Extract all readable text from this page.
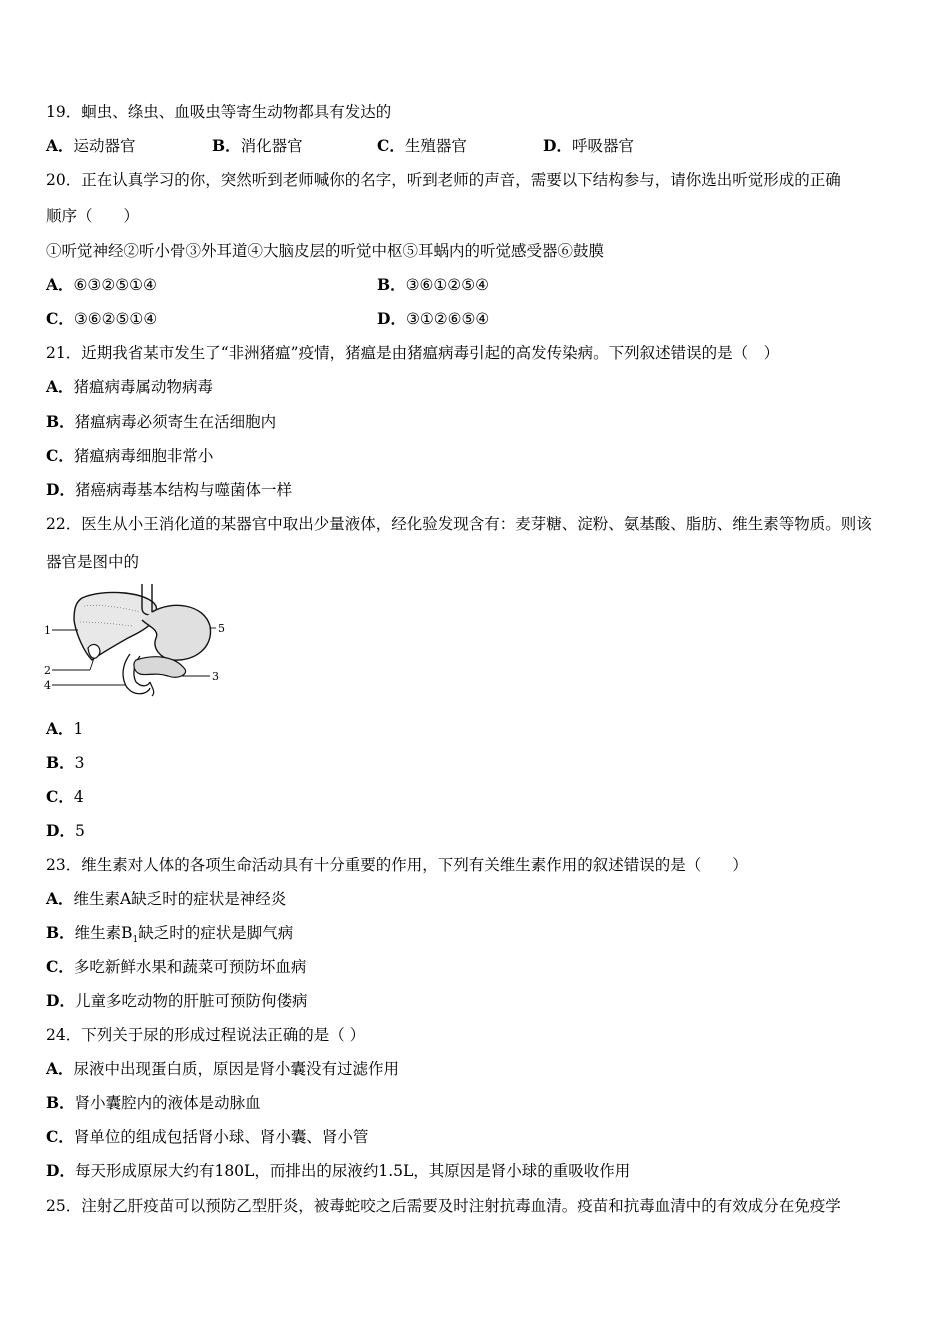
19．蛔虫、绦虫、血吸虫等寄生动物都具有发达的
A．运动器官	B．消化器官	C．生殖器官	D．呼吸器官
20．正在认真学习的你，突然听到老师喊你的名字，听到老师的声音，需要以下结构参与，请你选出听觉形成的正确
顺序（　　）
①听觉神经②听小骨③外耳道④大脑皮层的听觉中枢⑤耳蜗内的听觉感受器⑥鼓膜
A．⑥③②⑤①④	B．③⑥①②⑤④
C．③⑥②⑤①④	D．③①②⑥⑤④
21．近期我省某市发生了“非洲猪瘟”疫情，猪瘟是由猪瘟病毒引起的高发传染病。下列叙述错误的是（　）
A．猪瘟病毒属动物病毒
B．猪瘟病毒必须寄生在活细胞内
C．猪瘟病毒细胞非常小
D．猪癌病毒基本结构与噬菌体一样
22．医生从小王消化道的某器官中取出少量液体，经化验发现含有：麦芽糖、淀粉、氨基酸、脂肪、维生素等物质。则该
器官是图中的
1
2
4
5
3
A．1
B．3
C．4
D．5
23．维生素对人体的各项生命活动具有十分重要的作用，下列有关维生素作用的叙述错误的是（　　）
A．维生素A缺乏时的症状是神经炎
B．维生素$B_1$缺乏时的症状是脚气病
C．多吃新鲜水果和蔬菜可预防坏血病
D．儿童多吃动物的肝脏可预防佝偻病
24．下列关于尿的形成过程说法正确的是（ ）
A．尿液中出现蛋白质，原因是肾小囊没有过滤作用
B．肾小囊腔内的液体是动脉血
C．肾单位的组成包括肾小球、肾小囊、肾小管
D．每天形成原尿大约有180L，而排出的尿液约1.5L，其原因是肾小球的重吸收作用
25．注射乙肝疫苗可以预防乙型肝炎，被毒蛇咬之后需要及时注射抗毒血清。疫苗和抗毒血清中的有效成分在免疫学
